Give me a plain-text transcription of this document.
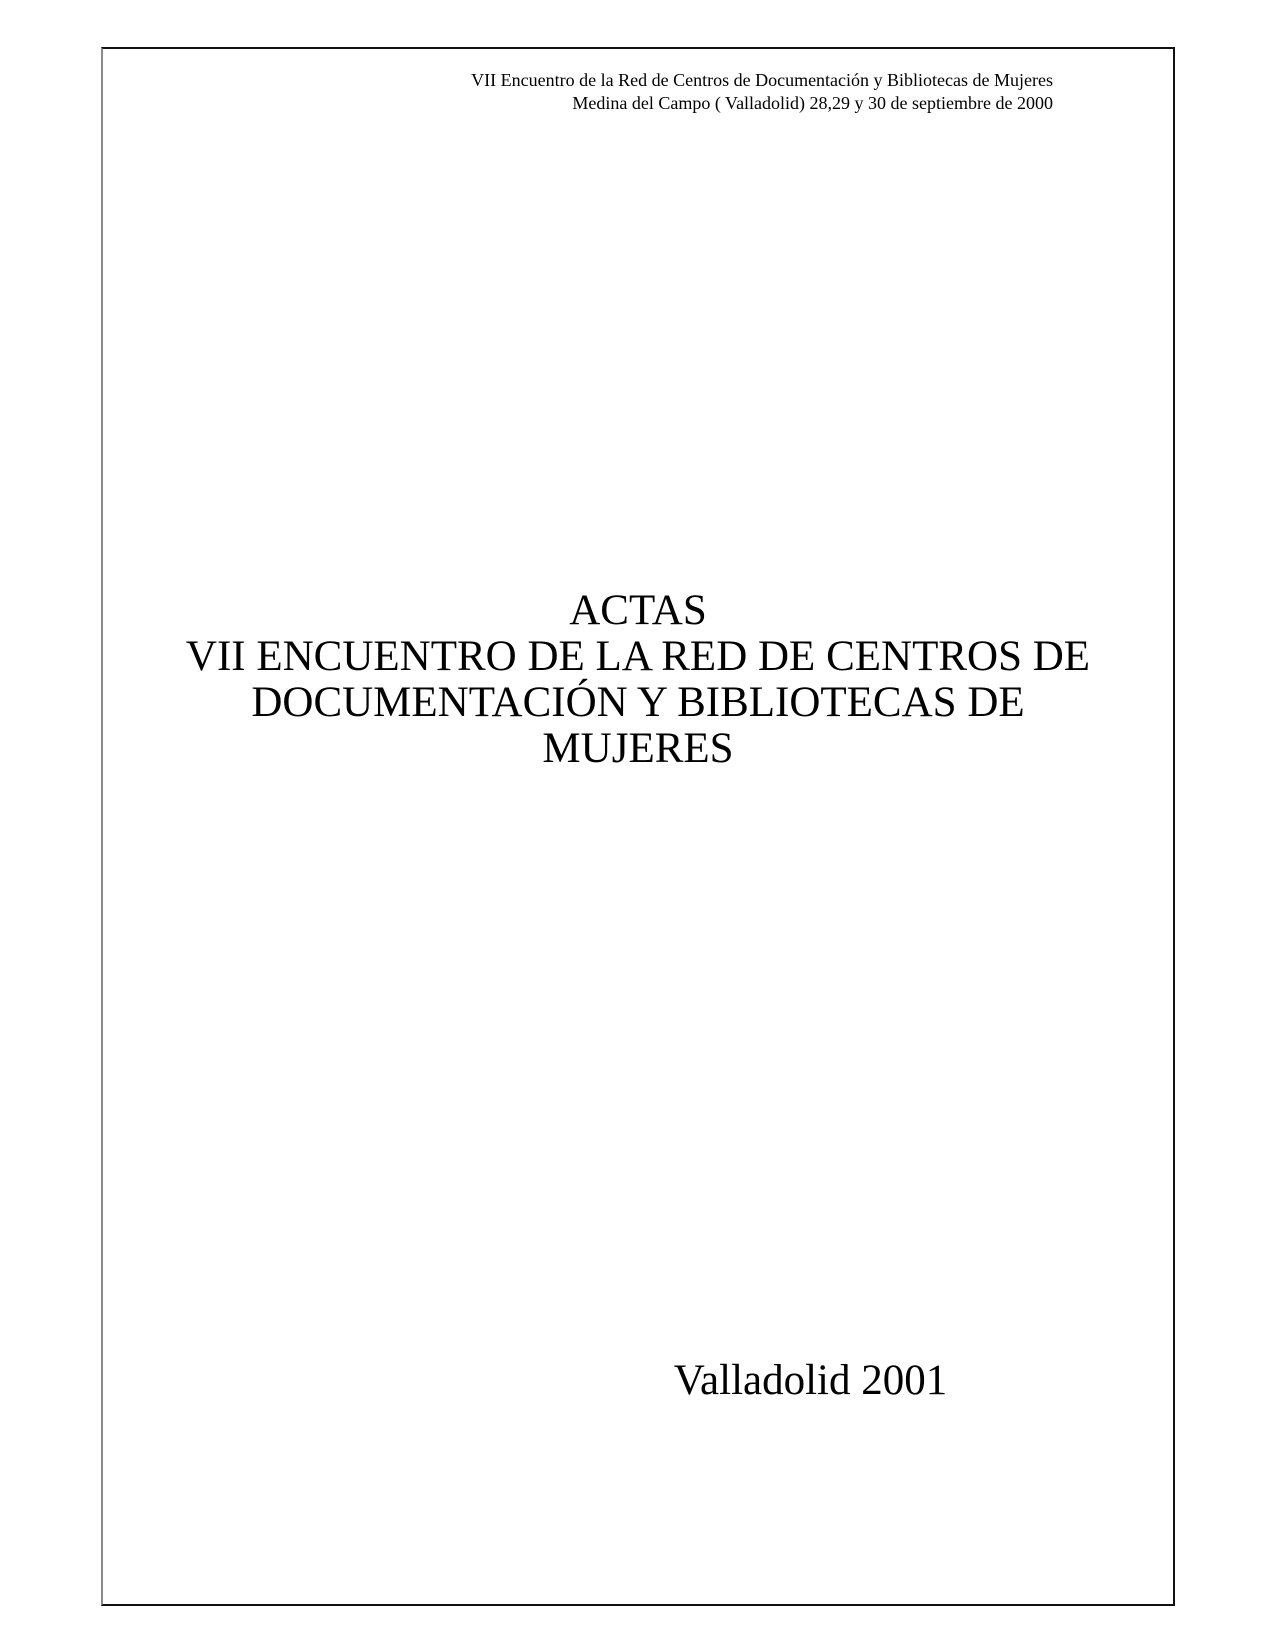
VII Encuentro de la Red de Centros de Documentación y Bibliotecas de Mujeres
Medina del Campo ( Valladolid) 28,29 y 30 de septiembre de 2000
ACTAS
VII ENCUENTRO DE LA RED DE CENTROS DE
DOCUMENTACIÓN Y BIBLIOTECAS DE
MUJERES
Valladolid 2001
